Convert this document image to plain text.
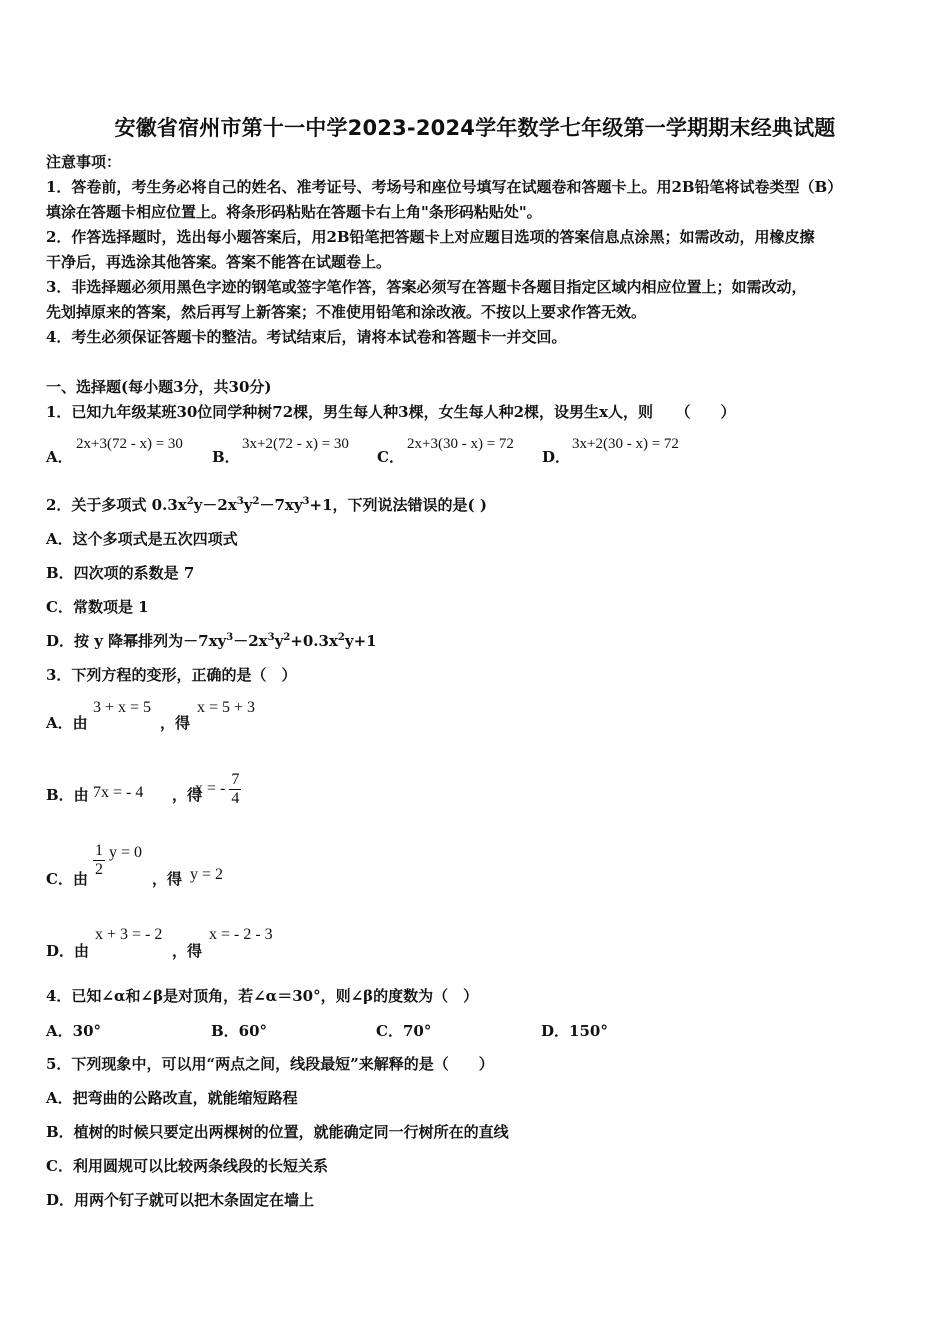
安徽省宿州市第十一中学2023-2024学年数学七年级第一学期期末经典试题
注意事项：
1．答卷前，考生务必将自己的姓名、准考证号、考场号和座位号填写在试题卷和答题卡上。用2B铅笔将试卷类型（B）
填涂在答题卡相应位置上。将条形码粘贴在答题卡右上角"条形码粘贴处"。
2．作答选择题时，选出每小题答案后，用2B铅笔把答题卡上对应题目选项的答案信息点涂黑；如需改动，用橡皮擦
干净后，再选涂其他答案。答案不能答在试题卷上。
3．非选择题必须用黑色字迹的钢笔或签字笔作答，答案必须写在答题卡各题目指定区域内相应位置上；如需改动，
先划掉原来的答案，然后再写上新答案；不准使用铅笔和涂改液。不按以上要求作答无效。
4．考生必须保证答题卡的整洁。考试结束后，请将本试卷和答题卡一并交回。
一、选择题(每小题3分，共30分)
1．已知九年级某班30位同学种树72棵，男生每人种3棵，女生每人种2棵，设男生x人，则　　（　　）
A．
2x+3(72 - x) = 30
B．
3x+2(72 - x) = 30
C．
2x+3(30 - x) = 72
D．
3x+2(30 - x) = 72
2．关于多项式 $0.3x^2y-2x^3y^2-7xy^3+1$，下列说法错误的是( )
A．这个多项式是五次四项式
B．四次项的系数是 7
C．常数项是 1
D．按 y 降幂排列为$-7xy^3-2x^3y^2+0.3x^2y+1$
3．下列方程的变形，正确的是（　）
A．由
3 + x = 5
，得
x = 5 + 3
B．由 7x = - 4 ，得
x = - $\frac{7}{4}$
C．由 $\frac{1}{2}$ y = 0
，得 y = 2
D．由
x + 3 = - 2
，得
x = - 2 - 3
4．已知∠α和∠β是对顶角，若∠α＝30°，则∠β的度数为（　）
A．30°	B．60°	C．70°	D．150°
5．下列现象中，可以用“两点之间，线段最短”来解释的是（　　）
A．把弯曲的公路改直，就能缩短路程
B．植树的时候只要定出两棵树的位置，就能确定同一行树所在的直线
C．利用圆规可以比较两条线段的长短关系
D．用两个钉子就可以把木条固定在墙上
